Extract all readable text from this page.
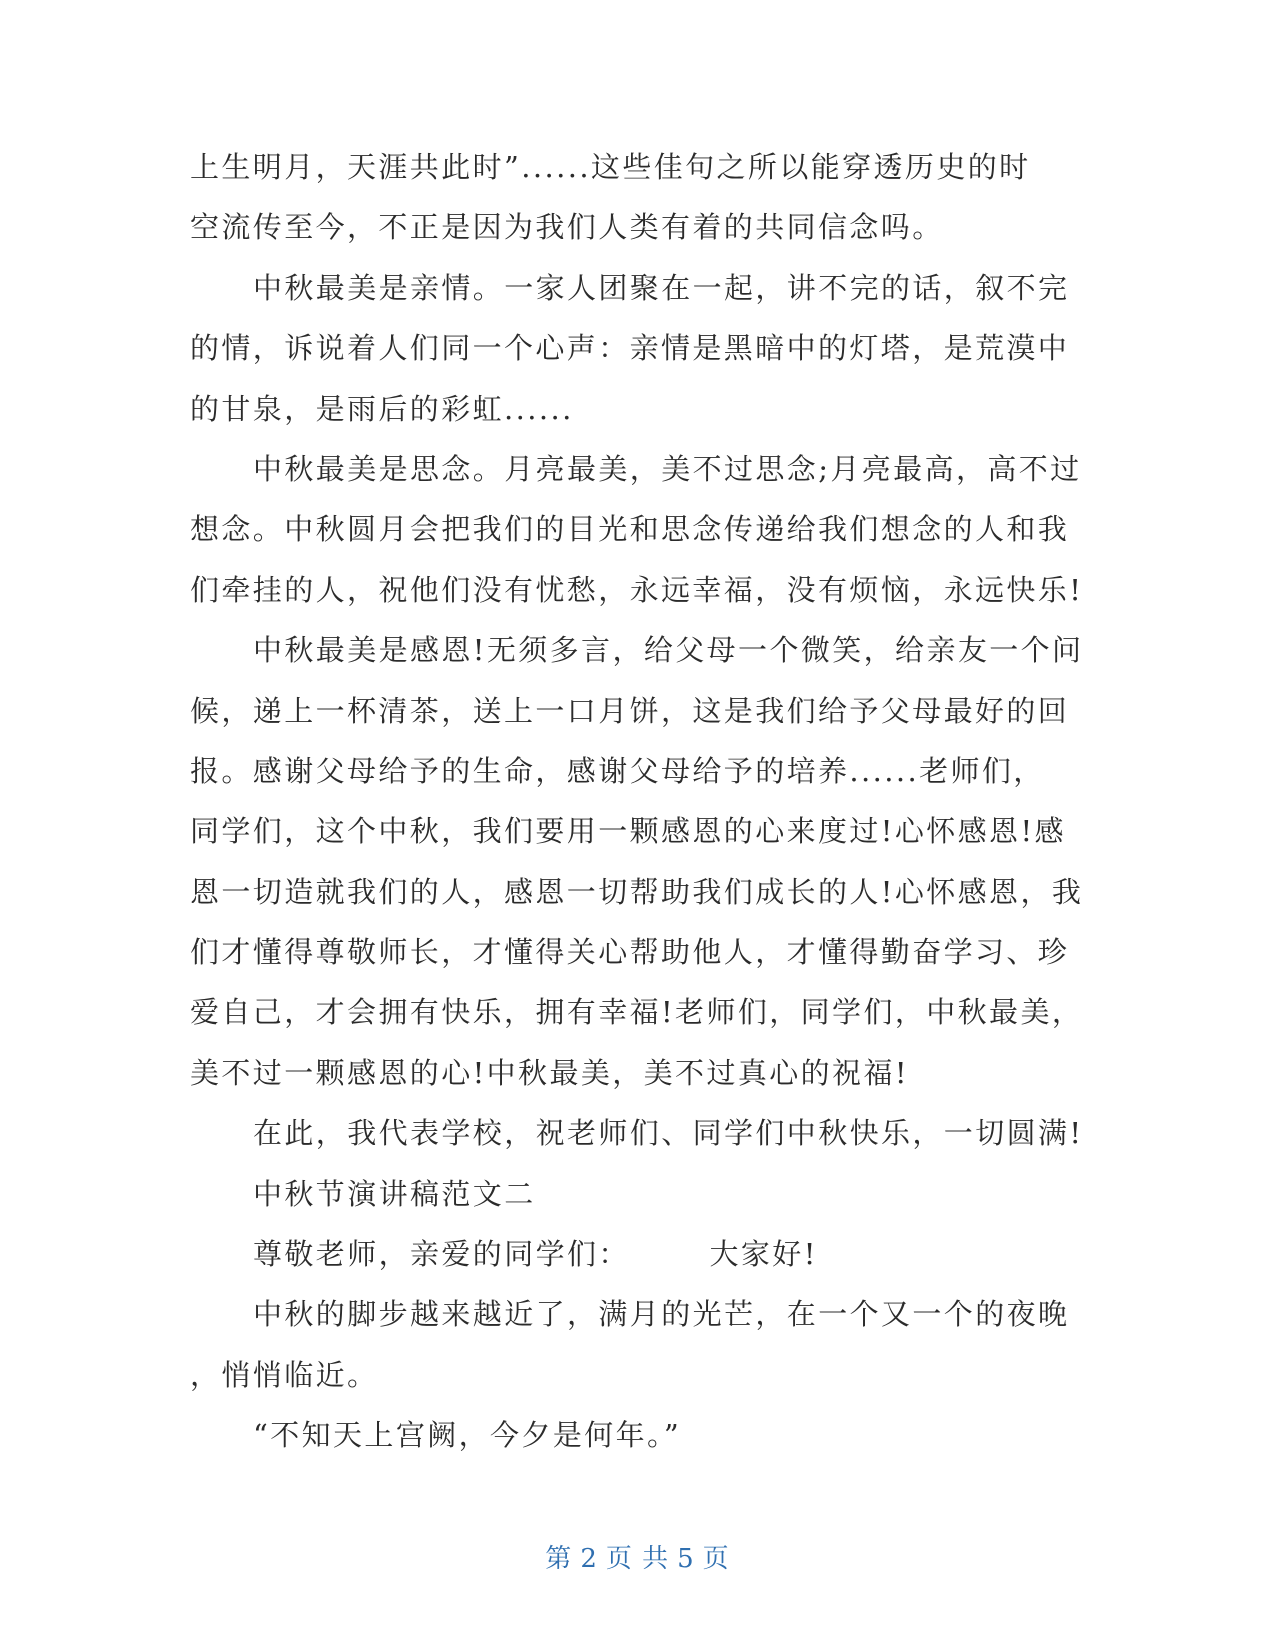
上生明月，天涯共此时”......这些佳句之所以能穿透历史的时
空流传至今，不正是因为我们人类有着的共同信念吗。
中秋最美是亲情。一家人团聚在一起，讲不完的话，叙不完
的情，诉说着人们同一个心声：亲情是黑暗中的灯塔，是荒漠中
的甘泉，是雨后的彩虹......
中秋最美是思念。月亮最美，美不过思念;月亮最高，高不过
想念。中秋圆月会把我们的目光和思念传递给我们想念的人和我
们牵挂的人，祝他们没有忧愁，永远幸福，没有烦恼，永远快乐!
中秋最美是感恩!无须多言，给父母一个微笑，给亲友一个问
候，递上一杯清茶，送上一口月饼，这是我们给予父母最好的回
报。感谢父母给予的生命，感谢父母给予的培养......老师们，
同学们，这个中秋，我们要用一颗感恩的心来度过!心怀感恩!感
恩一切造就我们的人，感恩一切帮助我们成长的人!心怀感恩，我
们才懂得尊敬师长，才懂得关心帮助他人，才懂得勤奋学习、珍
爱自己，才会拥有快乐，拥有幸福!老师们，同学们，中秋最美，
美不过一颗感恩的心!中秋最美，美不过真心的祝福!
在此，我代表学校，祝老师们、同学们中秋快乐，一切圆满!
中秋节演讲稿范文二
尊敬老师，亲爱的同学们：　　　大家好!
中秋的脚步越来越近了，满月的光芒，在一个又一个的夜晚
，悄悄临近。
“不知天上宫阙，今夕是何年。”
第 2 页 共 5 页
